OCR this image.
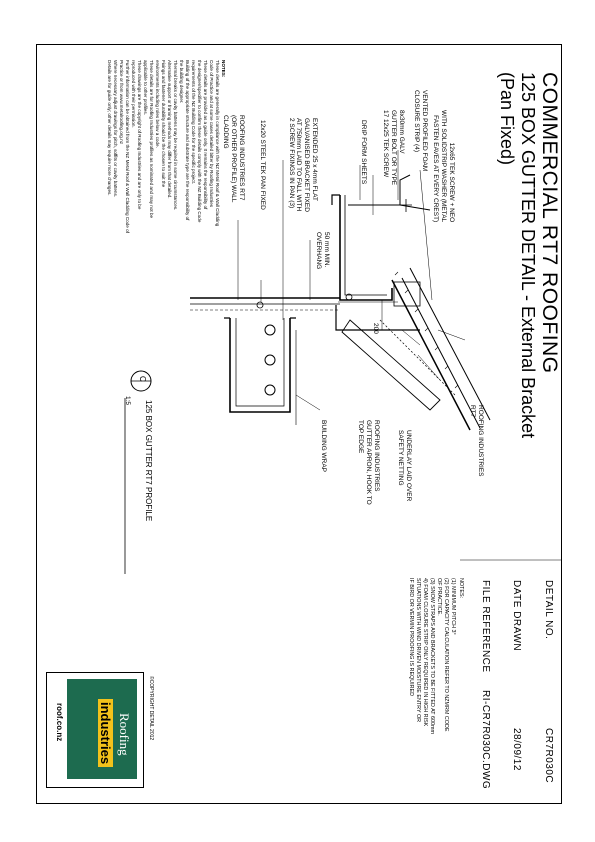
COMMERCIAL RT7 ROOFING
125 BOX GUTTER DETAIL - External Bracket
(Pan Fixed)
DETAIL NO.
CR7R030C
DATE DRAWN
28/09/12
FILE REFERENCE
RI-CR7R030C.DWG
NOTES:
(1) MINIMUM PITCH 3°
(2) FOR CAPACITY CALCULATION REFER TO NZMRM CODE
OF PRACTICE.
(3) SNOW STRAPS AND BRACKETS TO BE FITTED AT 600mm
4) FOAM CLOSURE STRIP ONLY REQUIRED IN HIGH RISK
SITUATIONS WITH WIND DRIVEN MOISTURE ENTRY OR
IF BIRD OR VERMIN PROOFING IS REQUIRED
©COPYRIGHT DETAIL 2012
C
1:5 125 BOX GUTTER RT7 PROFILE
NOTES:
These details are generally in compliance with the NZ Metal Roof & Wall Cladding
Code of Practice and at some cases detailed bitter by Roofing Industries
These details are provided as a guide only. It remains the responsibility of
the designer/specifier to confirm these details comply with the NZ Building Code
requirements of the NZ Building Code for the specific project.
Building of the appropriate structure and substrate type are the responsibility of
the building designer.
Thermal breaks or cavity battens may be required in some circumstances.
Alternative support or framing methods may differ from that detailed.
Fixings and fastener durability should be the chosen to suit the
environments including roles below a code.
These details are for Roofing Industries profiles as nominated and may not be
applicable to other profiles.
These drawings are the copyright of Roofing Industries and are only to be
reproduced with their permission.
Further information can be obtained from the NZ Metal Roof & Wall Cladding Code of
Practice or from www.metalroofing.org.nz
Where necessary adjust drawings for pitch, soffits or cavity battens.
Details are for guide only; other details may require more changes.	12x65 TEK SCREW + NEO
WITH SOLIDSTRIP WASHER (METAL
FASTEN EAVES AT EVERY CREST)
VENTED PROFILED FOAM
CLOSURE STRIP (4)
8x30mm GALV
GUTTER BOLT OR TYPE
17 12x25 TEK SCREW
DRIP FORM SHEETS
50 mm MIN.
OVERHANG
EXTENDED 25 x 4mm FLAT
GALVANISED BRACKET FIXED
AT 750mm LAID TO FALL WITH
2 SCREW FIXINGS IN PAN (3)
12x20 STEEL TEK PAN FIXED
ROOFING INDUSTRIES RT7
(OR OTHER PROFILE) WALL
CLADDING
200
ROOFING INDUSTRIES
RT7
UNDERLAY LAID OVER
SAFETY NETTING
ROOFING INDUSTRIES
GUTTER APRON, HOOK TO
TOP EDGE
BUILDING WRAP
Roofing
industries
roof.co.nz
